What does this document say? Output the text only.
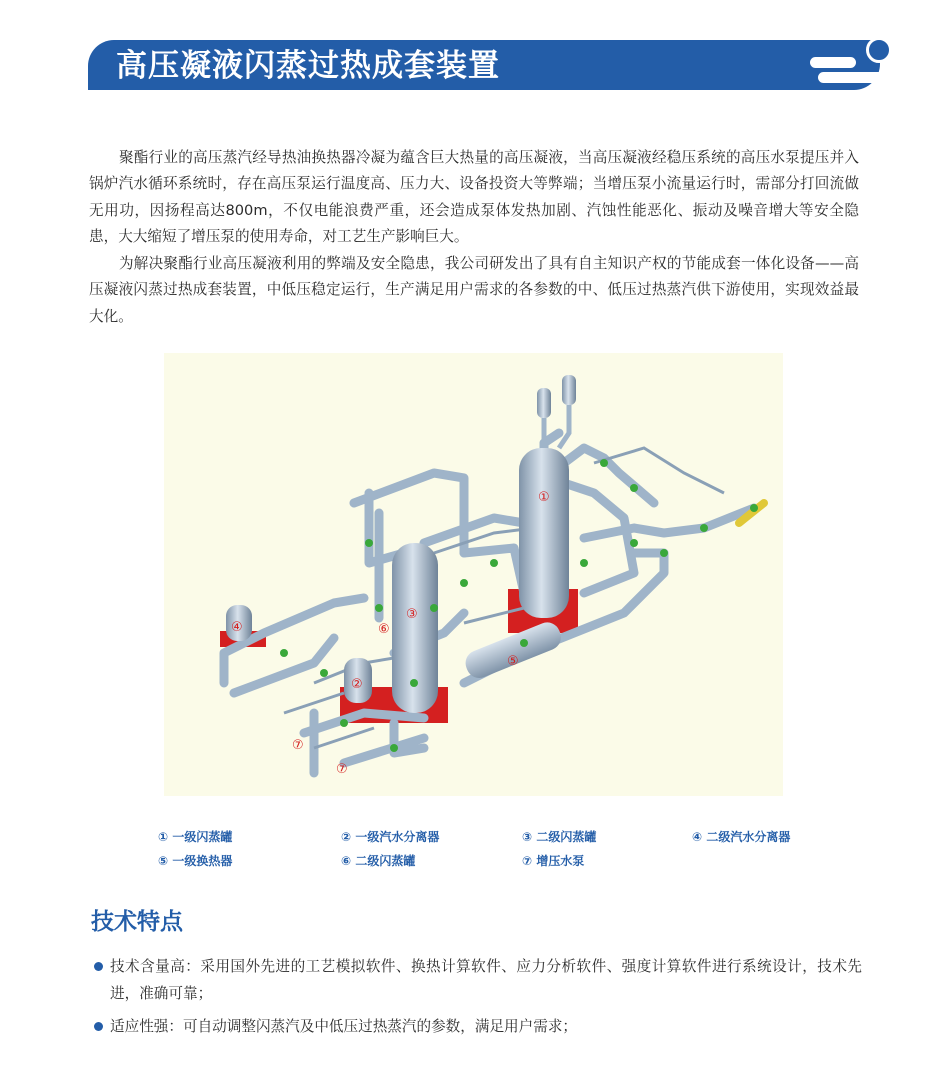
高压凝液闪蒸过热成套装置

聚酯行业的高压蒸汽经导热油换热器冷凝为蕴含巨大热量的高压凝液，当高压凝液经稳压系统的高压水泵提压并入锅炉汽水循环系统时，存在高压泵运行温度高、压力大、设备投资大等弊端；当增压泵小流量运行时，需部分打回流做无用功，因扬程高达800m，不仅电能浪费严重，还会造成泵体发热加剧、汽蚀性能恶化、振动及噪音增大等安全隐患，大大缩短了增压泵的使用寿命，对工艺生产影响巨大。

为解决聚酯行业高压凝液利用的弊端及安全隐患，我公司研发出了具有自主知识产权的节能成套一体化设备——高压凝液闪蒸过热成套装置，中低压稳定运行，生产满足用户需求的各参数的中、低压过热蒸汽供下游使用，实现效益最大化。

①
②
③
④
⑤
⑥
⑦
⑦
① 一级闪蒸罐	② 一级汽水分离器	③ 二级闪蒸罐	④ 二级汽水分离器
⑤ 一级换热器	⑥ 二级闪蒸罐	⑦ 增压水泵
技术特点
技术含量高：采用国外先进的工艺模拟软件、换热计算软件、应力分析软件、强度计算软件进行系统设计，技术先进，准确可靠；
适应性强：可自动调整闪蒸汽及中低压过热蒸汽的参数，满足用户需求；
